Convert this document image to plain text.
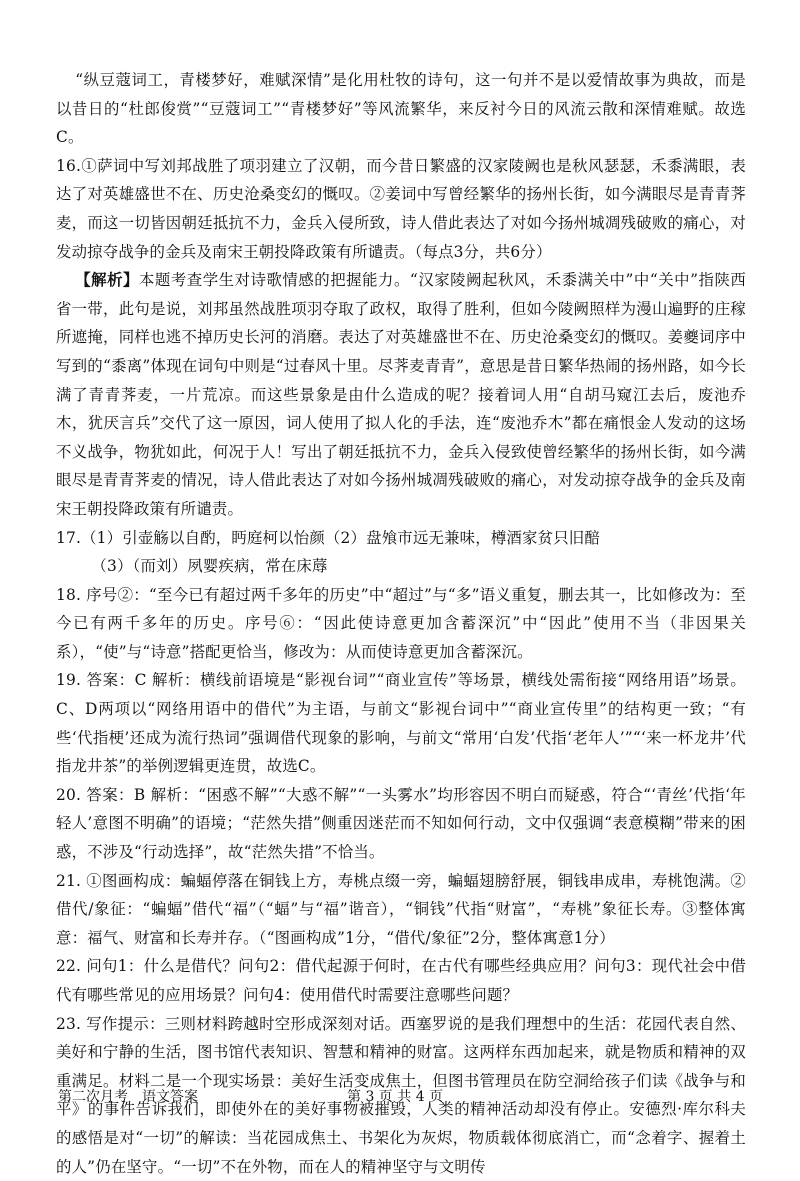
“纵豆蔻词工，青楼梦好，难赋深情”是化用杜牧的诗句，这一句并不是以爱情故事为典故，而是以昔日的“杜郎俊赏”“豆蔻词工”“青楼梦好”等风流繁华，来反衬今日的风流云散和深情难赋。故选C。

16.①萨词中写刘邦战胜了项羽建立了汉朝，而今昔日繁盛的汉家陵阙也是秋风瑟瑟，禾黍满眼，表达了对英雄盛世不在、历史沧桑变幻的慨叹。②姜词中写曾经繁华的扬州长街，如今满眼尽是青青荠麦，而这一切皆因朝廷抵抗不力，金兵入侵所致，诗人借此表达了对如今扬州城凋残破败的痛心，对发动掠夺战争的金兵及南宋王朝投降政策有所谴责。（每点3分，共6分）

【解析】本题考查学生对诗歌情感的把握能力。“汉家陵阙起秋风，禾黍满关中”中“关中”指陕西省一带，此句是说，刘邦虽然战胜项羽夺取了政权，取得了胜利，但如今陵阙照样为漫山遍野的庄稼所遮掩，同样也逃不掉历史长河的消磨。表达了对英雄盛世不在、历史沧桑变幻的慨叹。姜夔词序中写到的“黍离”体现在词句中则是“过春风十里。尽荠麦青青”，意思是昔日繁华热闹的扬州路，如今长满了青青荠麦，一片荒凉。而这些景象是由什么造成的呢？接着词人用“自胡马窥江去后，废池乔木，犹厌言兵”交代了这一原因，词人使用了拟人化的手法，连“废池乔木”都在痛恨金人发动的这场不义战争，物犹如此，何况于人！写出了朝廷抵抗不力，金兵入侵致使曾经繁华的扬州长街，如今满眼尽是青青荠麦的情况，诗人借此表达了对如今扬州城凋残破败的痛心，对发动掠夺战争的金兵及南宋王朝投降政策有所谴责。

17.（1）引壶觞以自酌，眄庭柯以怡颜（2）盘飧市远无兼味，樽酒家贫只旧醅

（3）（而刘）夙婴疾病，常在床蓐

18. 序号②：“至今已有超过两千多年的历史”中“超过”与“多”语义重复，删去其一，比如修改为：至今已有两千多年的历史。序号⑥：“因此使诗意更加含蓄深沉”中“因此”使用不当（非因果关系），“使”与“诗意”搭配更恰当，修改为：从而使诗意更加含蓄深沉。

19. 答案：C 解析：横线前语境是“影视台词”“商业宣传”等场景，横线处需衔接“网络用语”场景。C、D两项以“网络用语中的借代”为主语，与前文“影视台词中”“商业宣传里”的结构更一致；“有些‘代指梗’还成为流行热词”强调借代现象的影响，与前文“常用‘白发’代指‘老年人’”“‘来一杯龙井’代指龙井茶”的举例逻辑更连贯，故选C。

20. 答案：B 解析：“困惑不解”“大惑不解”“一头雾水”均形容因不明白而疑惑，符合“‘青丝’代指‘年轻人’意图不明确”的语境；“茫然失措”侧重因迷茫而不知如何行动，文中仅强调“表意模糊”带来的困惑，不涉及“行动选择”，故“茫然失措”不恰当。

21. ①图画构成：蝙蝠停落在铜钱上方，寿桃点缀一旁，蝙蝠翅膀舒展，铜钱串成串，寿桃饱满。②借代/象征：“蝙蝠”借代“福”（“蝠”与“福”谐音），“铜钱”代指“财富”，“寿桃”象征长寿。③整体寓意：福气、财富和长寿并存。（“图画构成”1分，“借代/象征”2分，整体寓意1分）

22. 问句1：什么是借代？问句2：借代起源于何时，在古代有哪些经典应用？问句3：现代社会中借代有哪些常见的应用场景？问句4：使用借代时需要注意哪些问题？

23. 写作提示：三则材料跨越时空形成深刻对话。西塞罗说的是我们理想中的生活：花园代表自然、美好和宁静的生活，图书馆代表知识、智慧和精神的财富。这两样东西加起来，就是物质和精神的双重满足。材料二是一个现实场景：美好生活变成焦土，但图书管理员在防空洞给孩子们读《战争与和平》的事件告诉我们，即使外在的美好事物被摧毁，人类的精神活动却没有停止。安德烈·库尔科夫的感悟是对“一切”的解读：当花园成焦土、书架化为灰烬，物质载体彻底消亡，而“念着字、握着土的人”仍在坚守。“一切”不在外物，而在人的精神坚守与文明传

第二次月考　语文答案	第 3 页 共 4 页
